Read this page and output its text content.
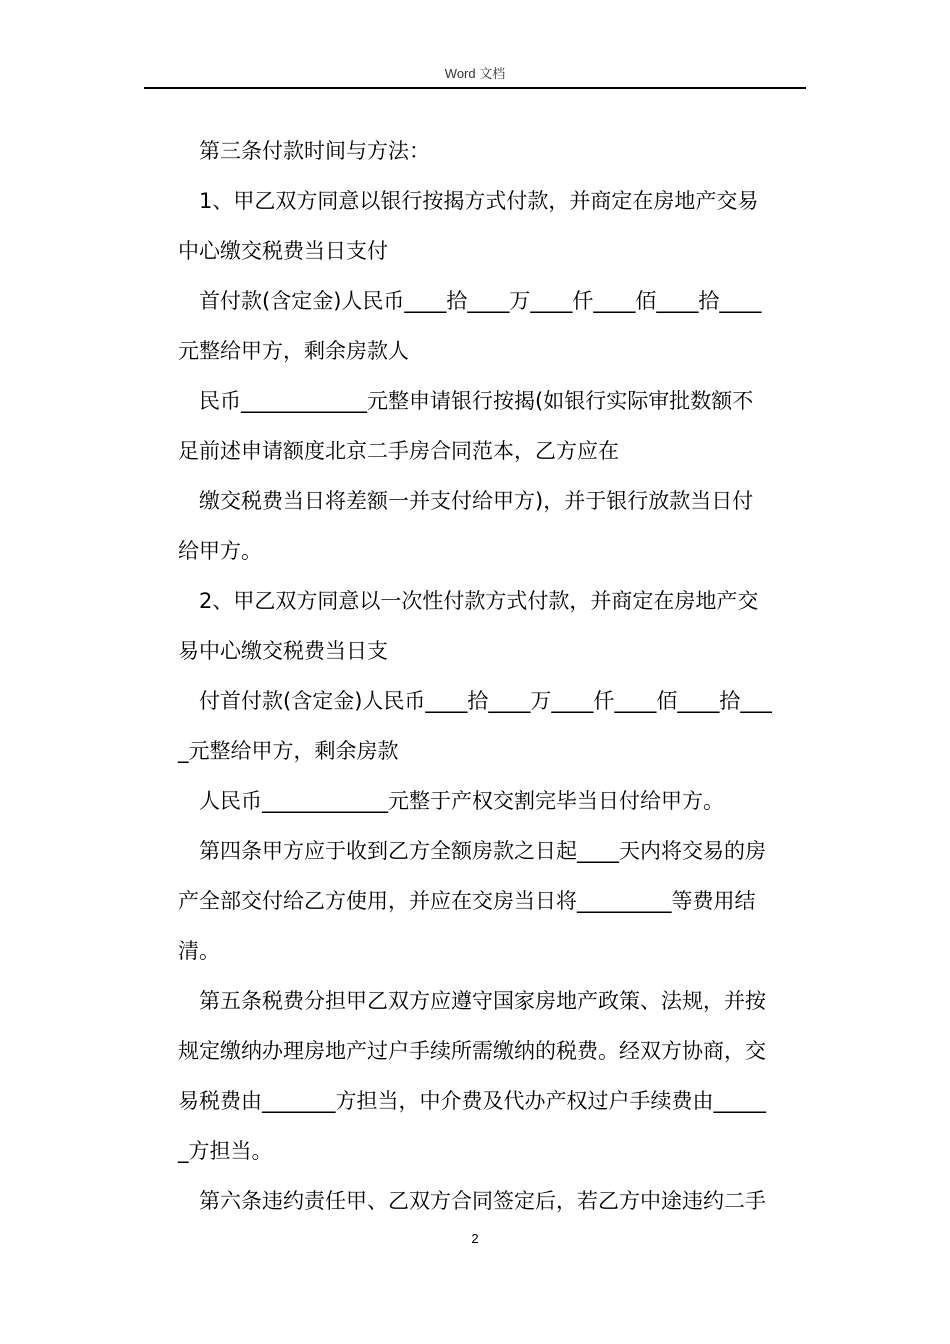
Word 文档
第三条付款时间与方法：
1、甲乙双方同意以银行按揭方式付款，并商定在房地产交易
中心缴交税费当日支付
首付款(含定金)人民币____拾____万____仟____佰____拾____
元整给甲方，剩余房款人
民币____________元整申请银行按揭(如银行实际审批数额不
足前述申请额度北京二手房合同范本，乙方应在
缴交税费当日将差额一并支付给甲方)，并于银行放款当日付
给甲方。
2、甲乙双方同意以一次性付款方式付款，并商定在房地产交
易中心缴交税费当日支
付首付款(含定金)人民币____拾____万____仟____佰____拾___
_元整给甲方，剩余房款
人民币____________元整于产权交割完毕当日付给甲方。
第四条甲方应于收到乙方全额房款之日起____天内将交易的房
产全部交付给乙方使用，并应在交房当日将_________等费用结
清。
第五条税费分担甲乙双方应遵守国家房地产政策、法规，并按
规定缴纳办理房地产过户手续所需缴纳的税费。经双方协商，交
易税费由_______方担当，中介费及代办产权过户手续费由_____
_方担当。
第六条违约责任甲、乙双方合同签定后，若乙方中途违约二手
2
